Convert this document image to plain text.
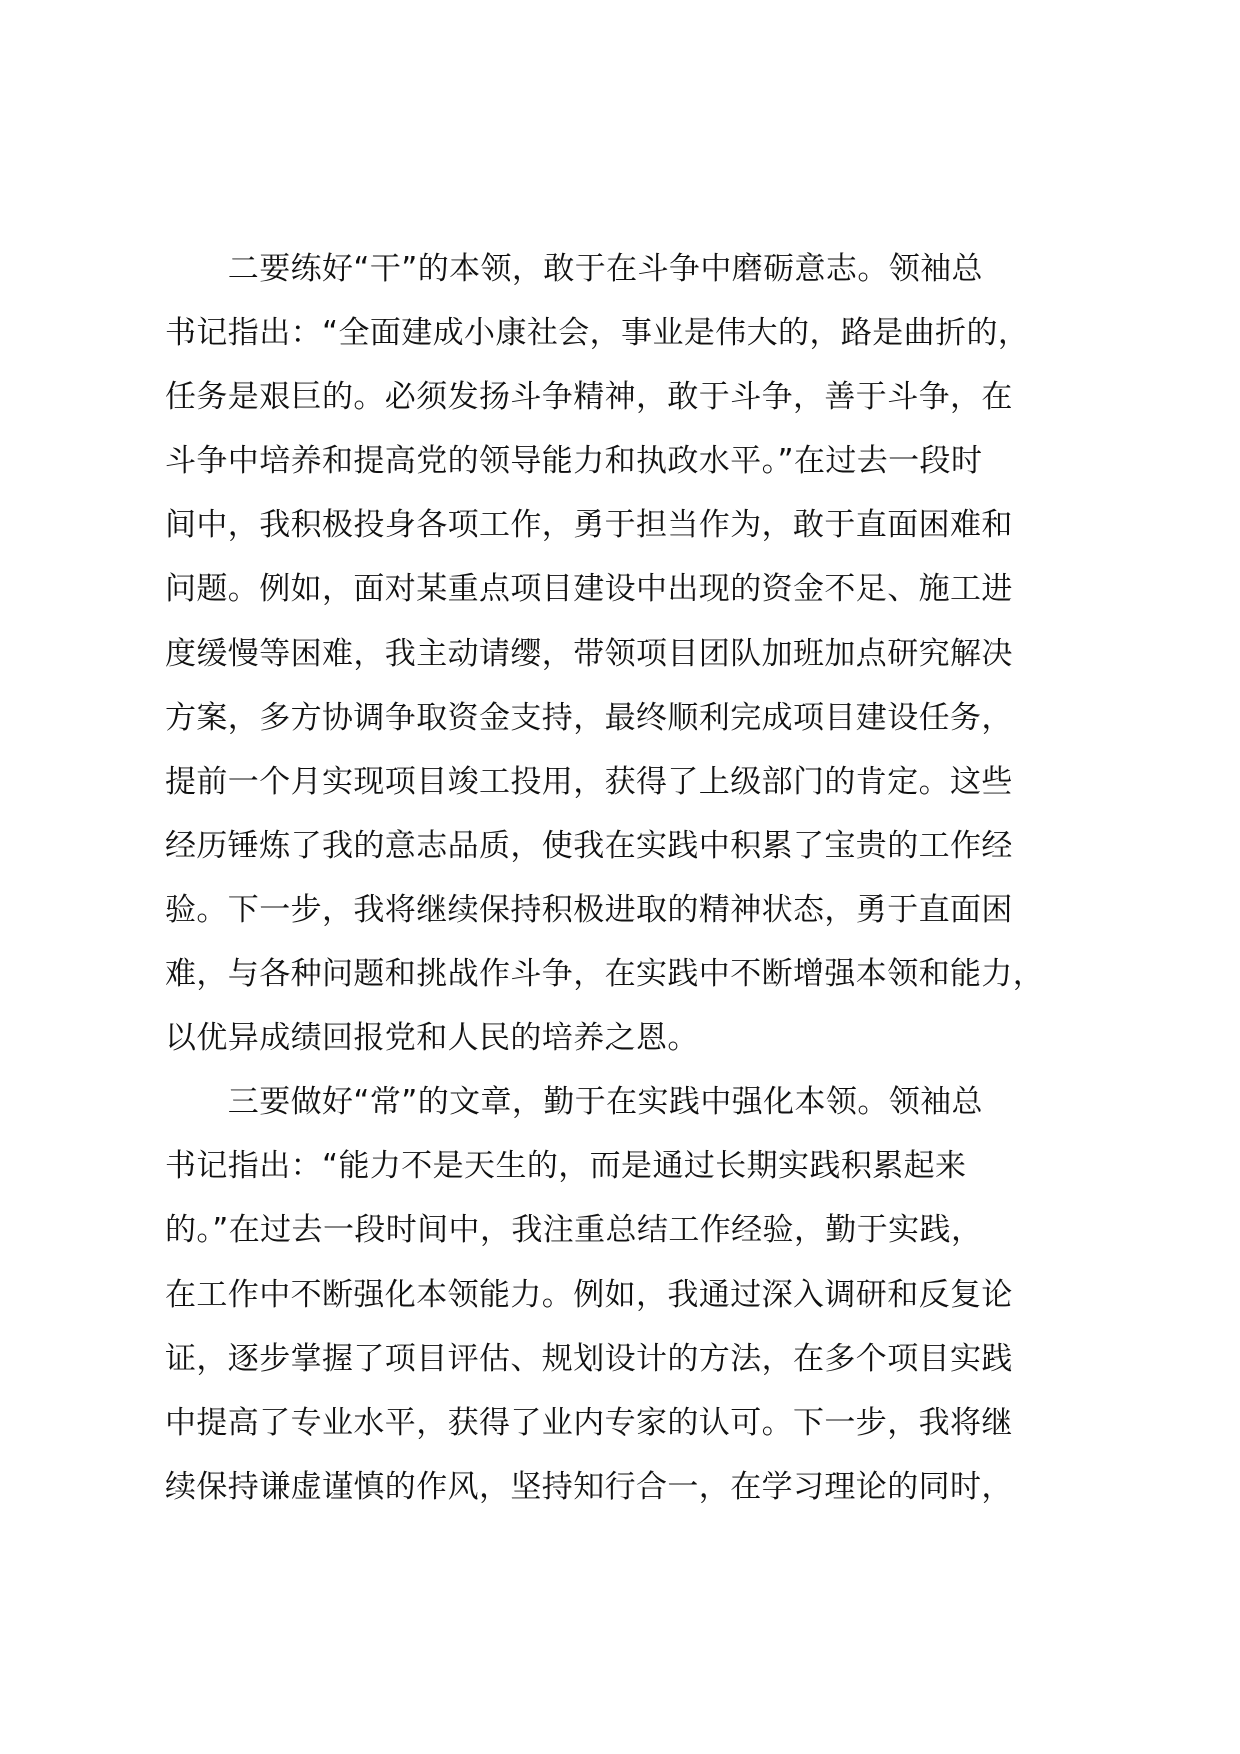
　　二要练好“干”的本领，敢于在斗争中磨砺意志。领袖总
书记指出：“全面建成小康社会，事业是伟大的，路是曲折的，
任务是艰巨的。必须发扬斗争精神，敢于斗争，善于斗争，在
斗争中培养和提高党的领导能力和执政水平。”在过去一段时
间中，我积极投身各项工作，勇于担当作为，敢于直面困难和
问题。例如，面对某重点项目建设中出现的资金不足、施工进
度缓慢等困难，我主动请缨，带领项目团队加班加点研究解决
方案，多方协调争取资金支持，最终顺利完成项目建设任务，
提前一个月实现项目竣工投用，获得了上级部门的肯定。这些
经历锤炼了我的意志品质，使我在实践中积累了宝贵的工作经
验。下一步，我将继续保持积极进取的精神状态，勇于直面困
难，与各种问题和挑战作斗争，在实践中不断增强本领和能力，
以优异成绩回报党和人民的培养之恩。
　　三要做好“常”的文章，勤于在实践中强化本领。领袖总
书记指出：“能力不是天生的，而是通过长期实践积累起来
的。”在过去一段时间中，我注重总结工作经验，勤于实践，
在工作中不断强化本领能力。例如，我通过深入调研和反复论
证，逐步掌握了项目评估、规划设计的方法，在多个项目实践
中提高了专业水平，获得了业内专家的认可。下一步，我将继
续保持谦虚谨慎的作风，坚持知行合一，在学习理论的同时，
